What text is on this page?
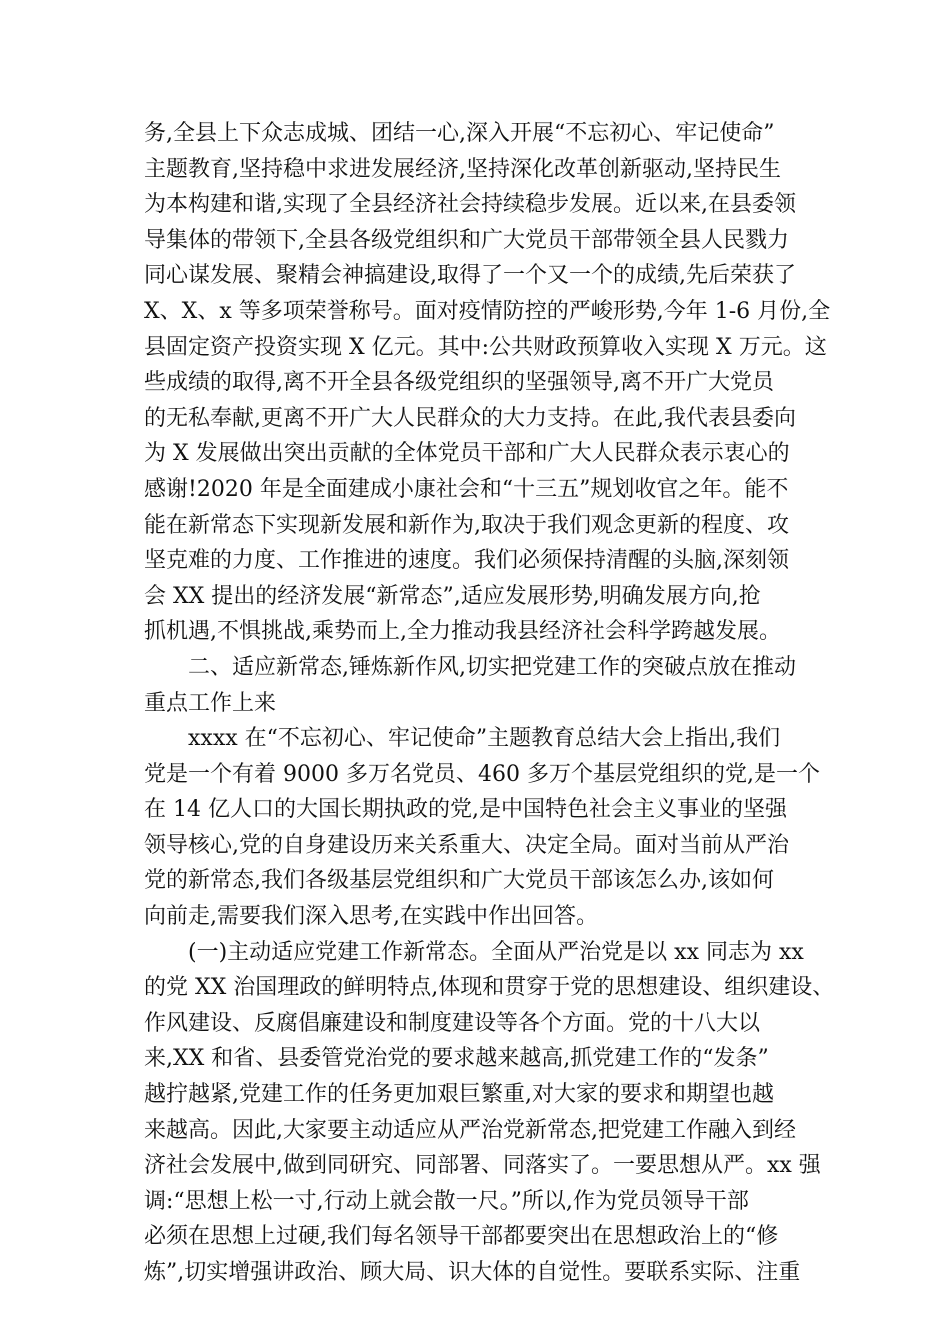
务,全县上下众志成城、团结一心,深入开展“不忘初心、牢记使命”
主题教育,坚持稳中求进发展经济,坚持深化改革创新驱动,坚持民生
为本构建和谐,实现了全县经济社会持续稳步发展。近以来,在县委领
导集体的带领下,全县各级党组织和广大党员干部带领全县人民戮力
同心谋发展、聚精会神搞建设,取得了一个又一个的成绩,先后荣获了
X、X、x 等多项荣誉称号。面对疫情防控的严峻形势,今年 1-6 月份,全
县固定资产投资实现 X 亿元。其中:公共财政预算收入实现 X 万元。这
些成绩的取得,离不开全县各级党组织的坚强领导,离不开广大党员
的无私奉献,更离不开广大人民群众的大力支持。在此,我代表县委向
为 X 发展做出突出贡献的全体党员干部和广大人民群众表示衷心的
感谢!2020 年是全面建成小康社会和“十三五”规划收官之年。能不
能在新常态下实现新发展和新作为,取决于我们观念更新的程度、攻
坚克难的力度、工作推进的速度。我们必须保持清醒的头脑,深刻领
会 XX 提出的经济发展“新常态”,适应发展形势,明确发展方向,抢
抓机遇,不惧挑战,乘势而上,全力推动我县经济社会科学跨越发展。
二、适应新常态,锤炼新作风,切实把党建工作的突破点放在推动
重点工作上来
xxxx 在“不忘初心、牢记使命”主题教育总结大会上指出,我们
党是一个有着 9000 多万名党员、460 多万个基层党组织的党,是一个
在 14 亿人口的大国长期执政的党,是中国特色社会主义事业的坚强
领导核心,党的自身建设历来关系重大、决定全局。面对当前从严治
党的新常态,我们各级基层党组织和广大党员干部该怎么办,该如何
向前走,需要我们深入思考,在实践中作出回答。
(一)主动适应党建工作新常态。全面从严治党是以 xx 同志为 xx
的党 XX 治国理政的鲜明特点,体现和贯穿于党的思想建设、组织建设、
作风建设、反腐倡廉建设和制度建设等各个方面。党的十八大以
来,XX 和省、县委管党治党的要求越来越高,抓党建工作的“发条”
越拧越紧,党建工作的任务更加艰巨繁重,对大家的要求和期望也越
来越高。因此,大家要主动适应从严治党新常态,把党建工作融入到经
济社会发展中,做到同研究、同部署、同落实了。一要思想从严。xx 强
调:“思想上松一寸,行动上就会散一尺。”所以,作为党员领导干部
必须在思想上过硬,我们每名领导干部都要突出在思想政治上的“修
炼”,切实增强讲政治、顾大局、识大体的自觉性。要联系实际、注重
